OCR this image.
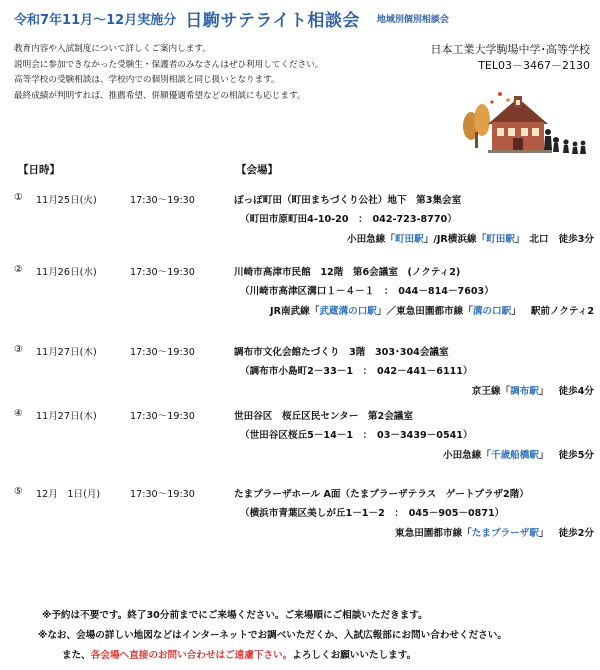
令和7年11月～12月実施分 日駒サテライト相談会 地域別個別相談会
教育内容や入試制度について詳しくご案内します。
説明会に参加できなかった受験生・保護者のみなさんはぜひ利用してください。
高等学校の受験相談は、学校内での個別相談と同じ扱いとなります。
最終成績が判明すれば、推薦希望、併願優遇希望などの相談にも応じます。
日本工業大学駒場中学･高等学校
TEL03－3467－2130
【日時】	【会場】
① 11月25日(火)	17:30～19:30	ぽっぽ町田（町田まちづくり公社）地下　第3集会室
（町田市原町田4-10-20　：　042-723-8770）
小田急線「町田駅」/JR横浜線「町田駅」　北口 徒歩3分
② 11月26日(水)	17:30～19:30	川崎市高津市民館　12階　第6会議室　(ノクティ2)
（川崎市高津区溝口１－４－１　：　044－814－7603）
JR南武線「武蔵溝の口駅」／東急田園都市線「溝の口駅」 駅前ノクティ2
③ 11月27日(木)	17:30～19:30	調布市文化会館たづくり　3階　303･304会議室
（調布市小島町2－33－1　：　042－441－6111）
京王線「調布駅」 徒歩4分
④ 11月27日(木)	17:30～19:30	世田谷区　桜丘区民センター　第2会議室
（世田谷区桜丘5－14－1　：　03－3439－0541）
小田急線「千歳船橋駅」 徒歩5分
⑤ 12月　1日(月)	17:30～19:30	たまプラーザホール A面（たまプラーザテラス　ゲートプラザ2階）
（横浜市青葉区美しが丘1－1－2　：　045－905－0871）
東急田園都市線「たまプラーザ駅」 徒歩2分
※予約は不要です。終了30分前までにご来場ください。ご来場順にご相談いただきます。
※なお、会場の詳しい地図などはインターネットでお調べいただくか、入試広報部にお問い合わせください。
また、各会場へ直接のお問い合わせはご遠慮下さい。よろしくお願いいたします。
